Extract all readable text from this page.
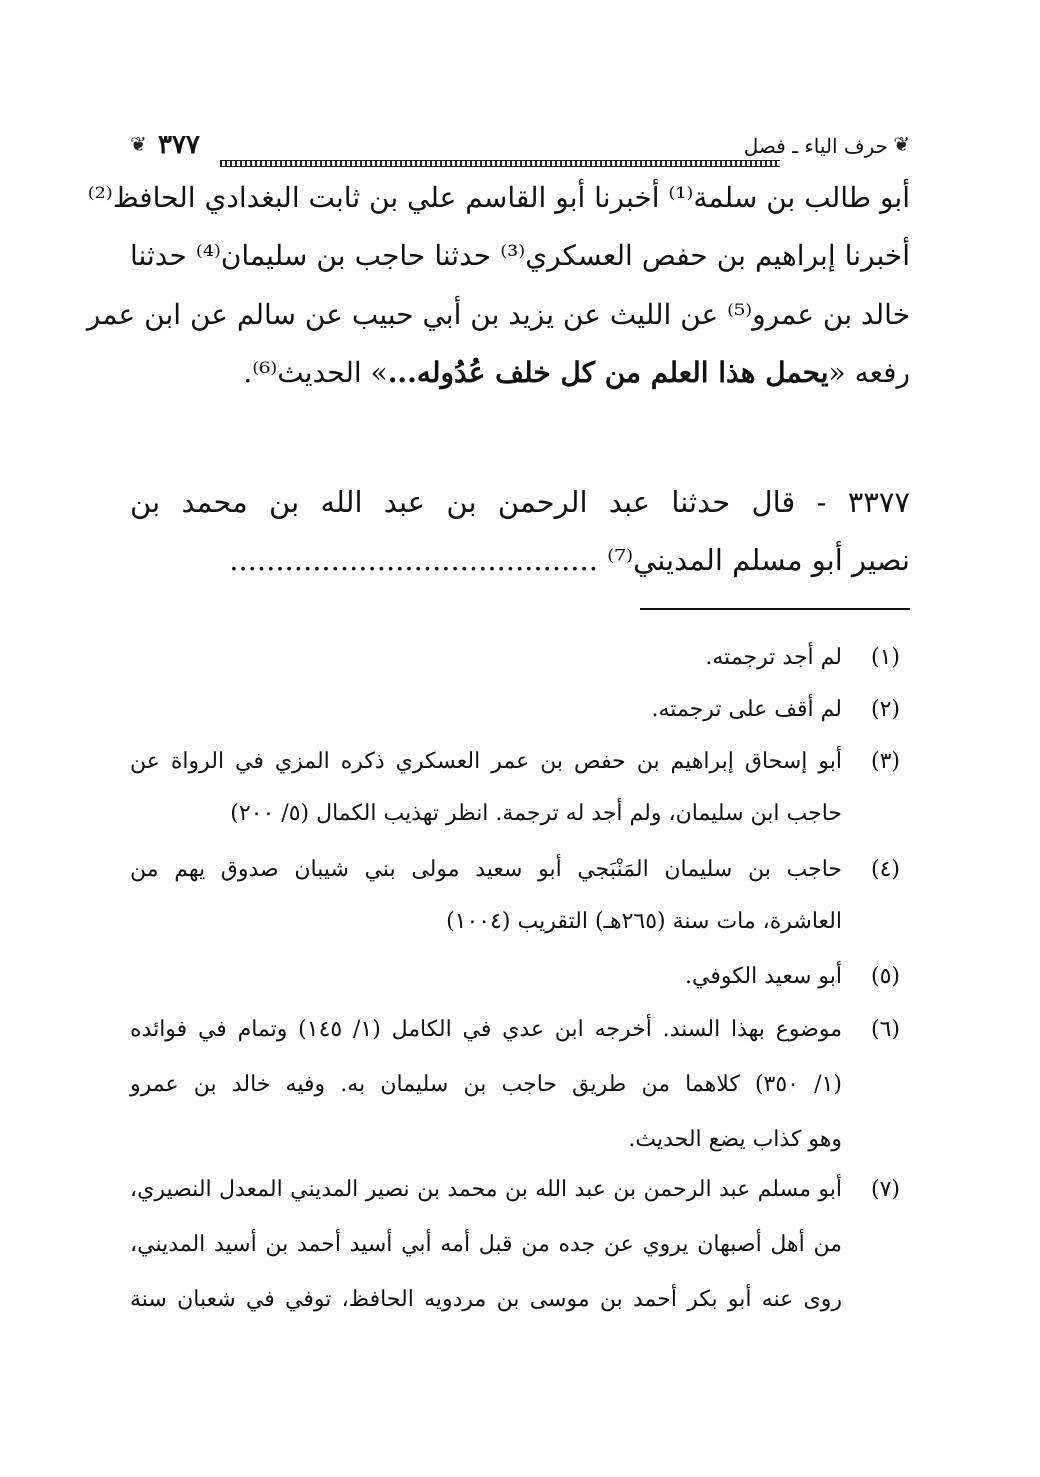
❦
حرف الياء ـ فصل
٣٧٧
❦
أبو طالب بن سلمة⁽¹⁾ أخبرنا أبو القاسم علي بن ثابت البغدادي الحافظ⁽²⁾
أخبرنا إبراهيم بن حفص العسكري⁽³⁾ حدثنا حاجب بن سليمان⁽⁴⁾ حدثنا
خالد بن عمرو⁽⁵⁾ عن الليث عن يزيد بن أبي حبيب عن سالم عن ابن عمر
رفعه «يحمل هذا العلم من كل خلف عُدُوله...» الحديث⁽⁶⁾.
٣٣٧٧ - قال حدثنا عبد الرحمن بن عبد الله بن محمد بن
نصير أبو مسلم المديني⁽⁷⁾ ........................................
(١)
لم أجد ترجمته.
(٢)
لم أقف على ترجمته.
(٣)
أبو إسحاق إبراهيم بن حفص بن عمر العسكري ذكره المزي في الرواة عن
حاجب ابن سليمان، ولم أجد له ترجمة. انظر تهذيب الكمال (٥/ ٢٠٠)
(٤)
حاجب بن سليمان المَنْبَجي أبو سعيد مولى بني شيبان صدوق يهم من
العاشرة، مات سنة (٢٦٥هـ) التقريب (١٠٠٤)
(٥)
أبو سعيد الكوفي.
(٦)
موضوع بهذا السند. أخرجه ابن عدي في الكامل (١/ ١٤٥) وتمام في فوائده
(١/ ٣٥٠) كلاهما من طريق حاجب بن سليمان به. وفيه خالد بن عمرو
وهو كذاب يضع الحديث.
(٧)
أبو مسلم عبد الرحمن بن عبد الله بن محمد بن نصير المديني المعدل النصيري،
من أهل أصبهان يروي عن جده من قبل أمه أبي أسيد أحمد بن أسيد المديني،
روى عنه أبو بكر أحمد بن موسى بن مردويه الحافظ، توفي في شعبان سنة
